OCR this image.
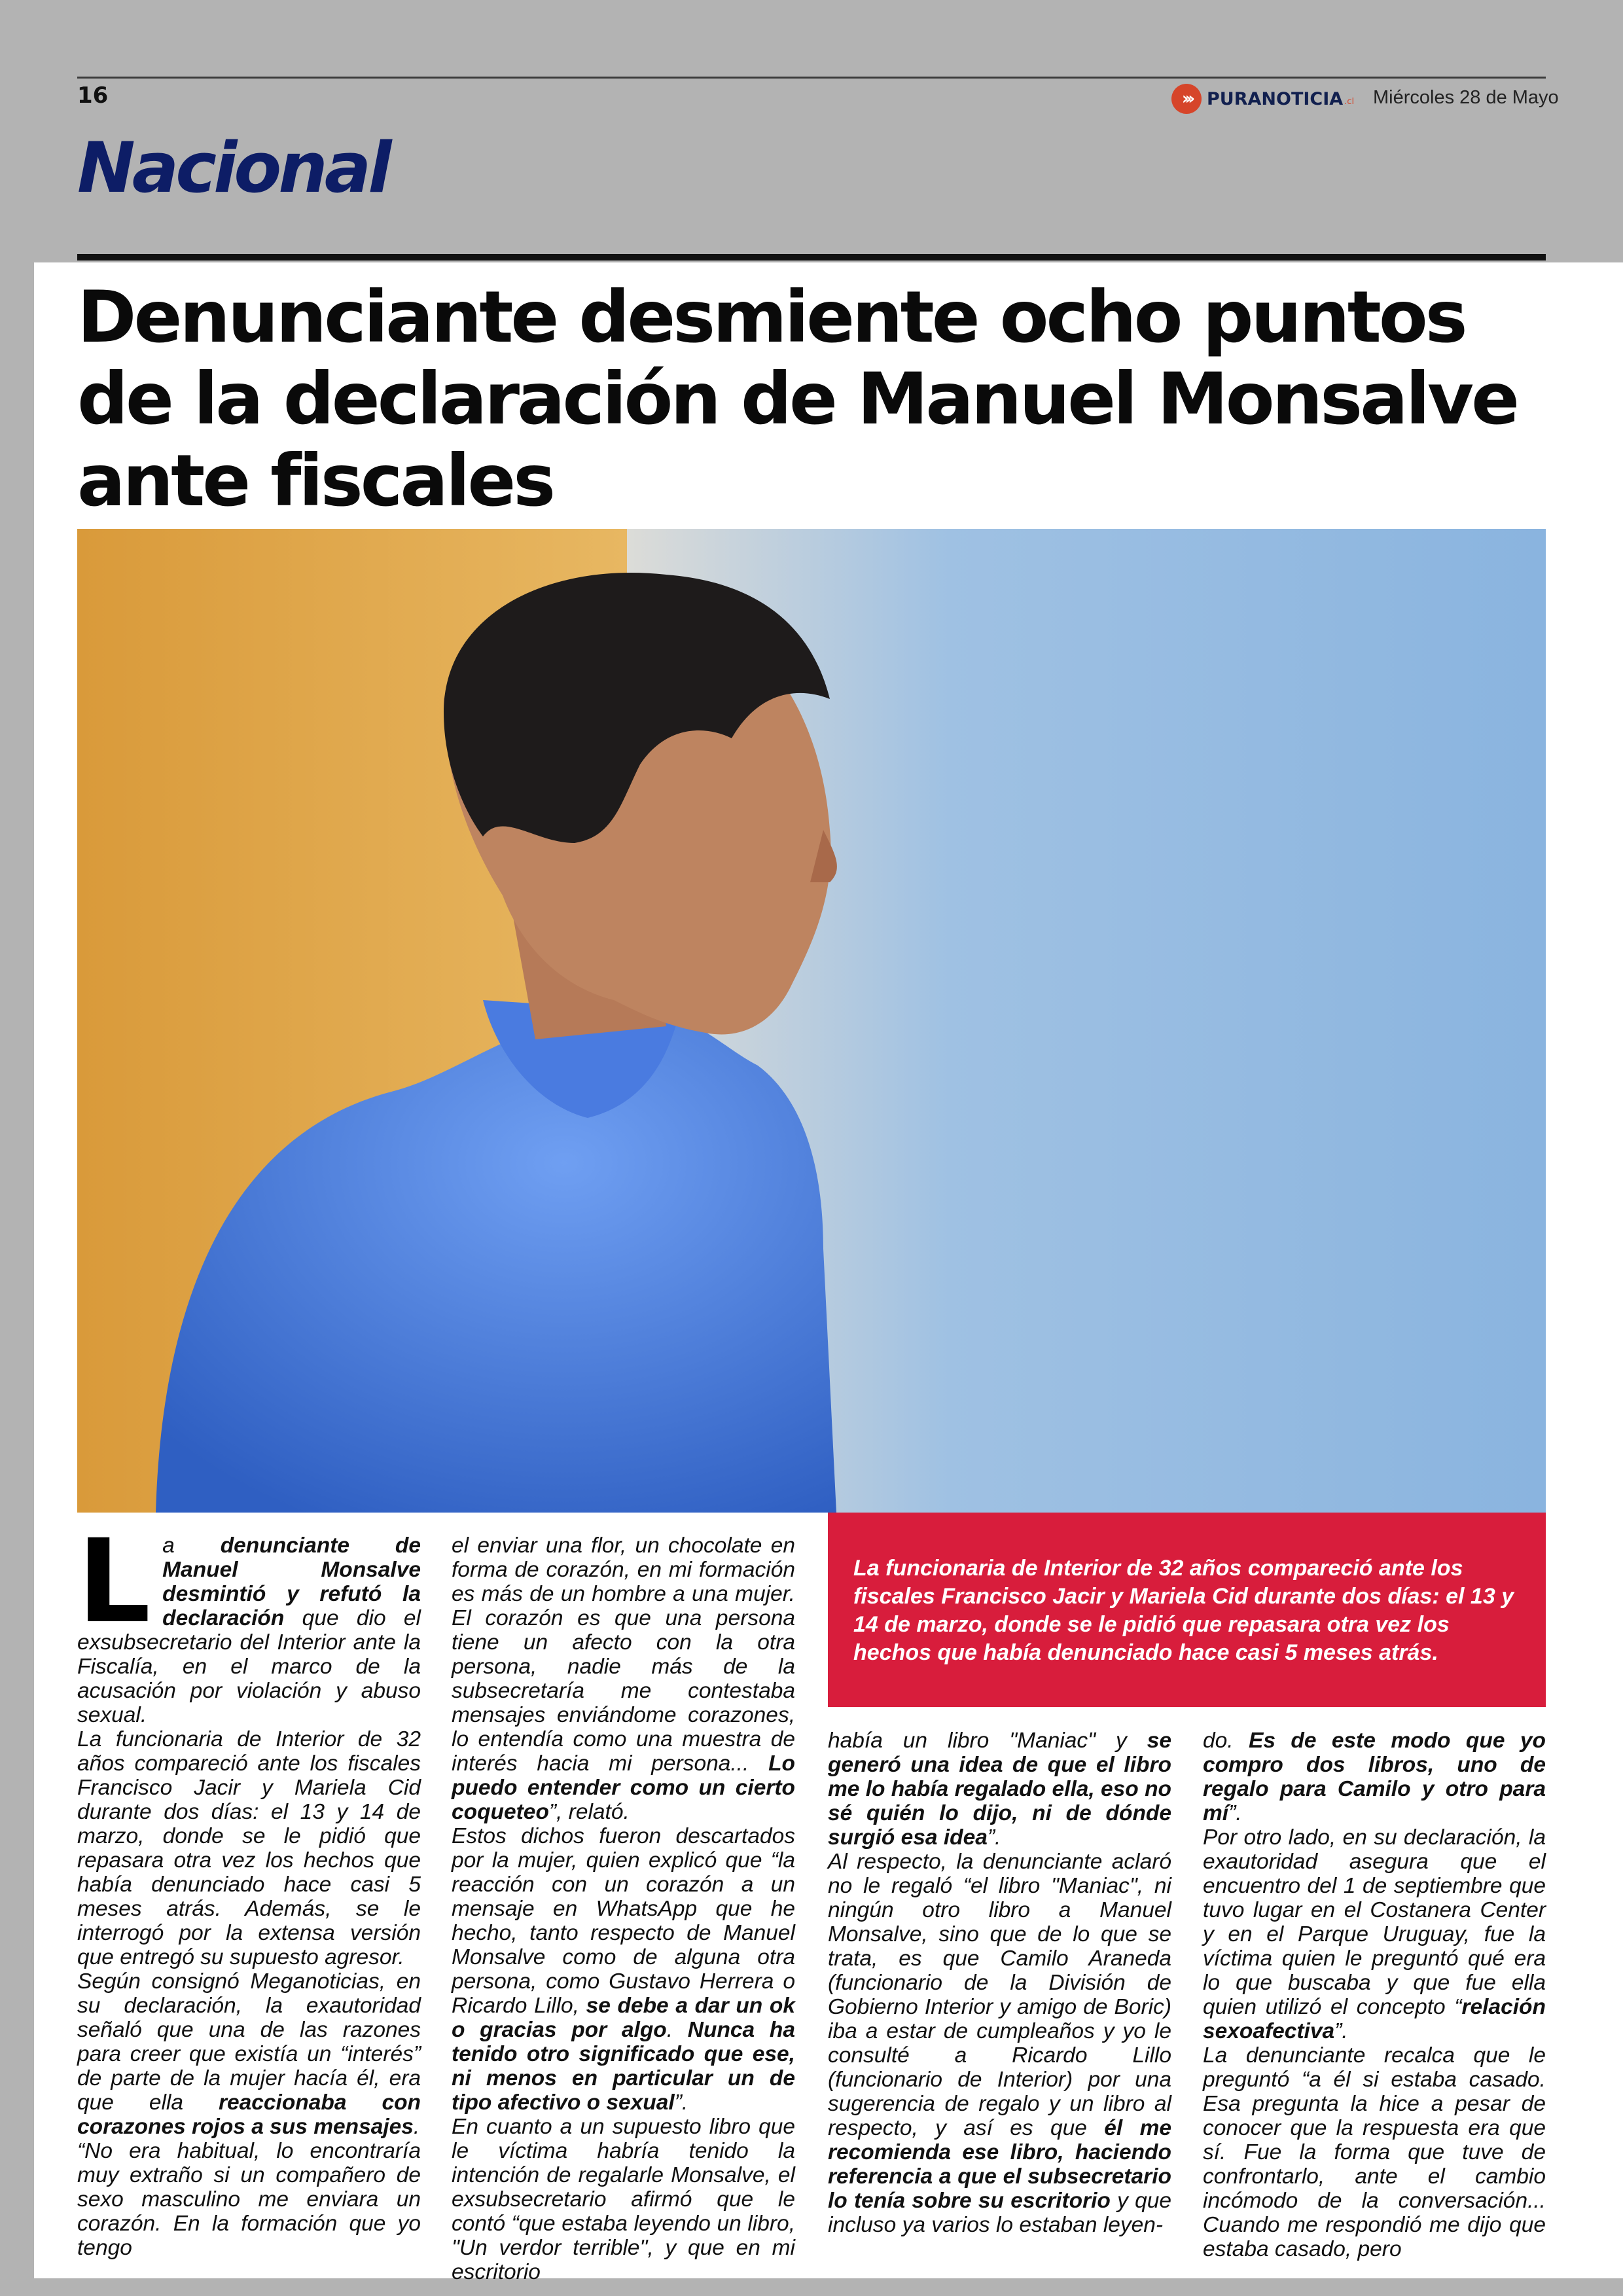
16	››› PURANOTICIA .cl Miércoles 28 de Mayo
Nacional
Denunciante desmiente ocho puntos de la declaración de Manuel Monsalve ante fiscales
La funcionaria de Interior de 32 años compareció ante los fiscales Francisco Jacir y Mariela Cid durante dos días: el 13 y 14 de marzo, donde se le pidió que repasara otra vez los hechos que había denunciado hace casi 5 meses atrás.
L a denunciante de Manuel Monsalve desmintió y refutó la declaración que dio el exsubsecretario del Interior ante la Fiscalía, en el marco de la acusación por violación y abuso sexual.
La funcionaria de Interior de 32 años compareció ante los fiscales Francisco Jacir y Mariela Cid durante dos días: el 13 y 14 de marzo, donde se le pidió que repasara otra vez los hechos que había denunciado hace casi 5 meses atrás. Además, se le interrogó por la extensa versión que entregó su supuesto agresor.
Según consignó Meganoticias, en su declaración, la exautoridad señaló que una de las razones para creer que existía un “interés” de parte de la mujer hacía él, era que ella reaccionaba con corazones rojos a sus mensajes.
“No era habitual, lo encontraría muy extraño si un compañero de sexo masculino me enviara un corazón. En la formación que yo tengo
el enviar una flor, un chocolate en forma de corazón, en mi formación es más de un hombre a una mujer. El corazón es que una persona tiene un afecto con la otra persona, nadie más de la subsecretaría me contestaba mensajes enviándome corazones, lo entendía como una muestra de interés hacia mi persona... Lo puedo entender como un cierto coqueteo”, relató.
Estos dichos fueron descartados por la mujer, quien explicó que “la reacción con un corazón a un mensaje en WhatsApp que he hecho, tanto respecto de Manuel Monsalve como de alguna otra persona, como Gustavo Herrera o Ricardo Lillo, se debe a dar un ok o gracias por algo. Nunca ha tenido otro significado que ese, ni menos en particular un de tipo afectivo o sexual”.
En cuanto a un supuesto libro que le víctima habría tenido la intención de regalarle Monsalve, el exsubsecretario afirmó que le contó “que estaba leyendo un libro, "Un verdor terrible", y que en mi escritorio
había un libro "Maniac" y se generó una idea de que el libro me lo había regalado ella, eso no sé quién lo dijo, ni de dónde surgió esa idea”.
Al respecto, la denunciante aclaró no le regaló “el libro "Maniac", ni ningún otro libro a Manuel Monsalve, sino que de lo que se trata, es que Camilo Araneda (funcionario de la División de Gobierno Interior y amigo de Boric) iba a estar de cumpleaños y yo le consulté a Ricardo Lillo (funcionario de Interior) por una sugerencia de regalo y un libro al respecto, y así es que él me recomienda ese libro, haciendo referencia a que el subsecretario lo tenía sobre su escritorio y que incluso ya varios lo estaban leyen-
do. Es de este modo que yo compro dos libros, uno de regalo para Camilo y otro para mí”.
Por otro lado, en su declaración, la exautoridad asegura que el encuentro del 1 de septiembre que tuvo lugar en el Costanera Center y en el Parque Uruguay, fue la víctima quien le preguntó qué era lo que buscaba y que fue ella quien utilizó el concepto “relación sexoafectiva”.
La denunciante recalca que le preguntó “a él si estaba casado. Esa pregunta la hice a pesar de conocer que la respuesta era que sí. Fue la forma que tuve de confrontarlo, ante el cambio incómodo de la conversación... Cuando me respondió me dijo que estaba casado, pero
